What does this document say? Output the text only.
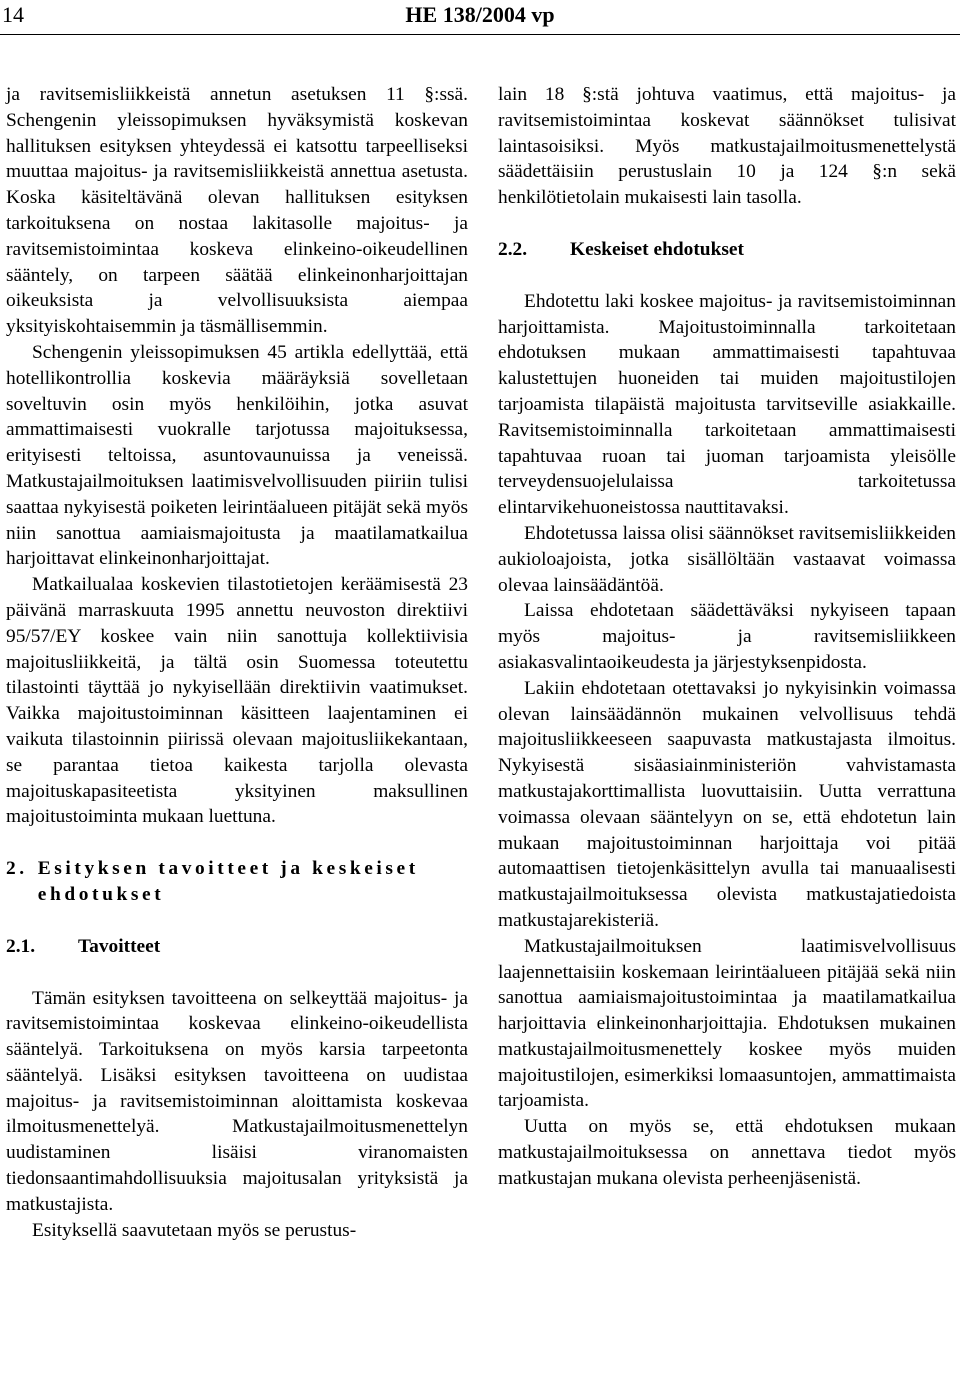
14	HE 138/2004 vp

ja ravitsemisliikkeistä annetun asetuksen 11 §:ssä. Schengenin yleissopimuksen hyväksymistä koskevan hallituksen esityksen yhteydessä ei katsottu tarpeelliseksi muuttaa majoitus- ja ravitsemisliikkeistä annettua asetusta. Koska käsiteltävänä olevan hallituksen esityksen tarkoituksena on nostaa lakitasolle majoitus- ja ravitsemistoimintaa koskeva elinkeino-oikeudellinen sääntely, on tarpeen säätää elinkeinonharjoittajan oikeuksista ja velvollisuuksista aiempaa yksityiskohtaisemmin ja täsmällisemmin.

Schengenin yleissopimuksen 45 artikla edellyttää, että hotellikontrollia koskevia määräyksiä sovelletaan soveltuvin osin myös henkilöihin, jotka asuvat ammattimaisesti vuokralle tarjotussa majoituksessa, erityisesti teltoissa, asuntovaunuissa ja veneissä. Matkustajailmoituksen laatimisvelvollisuuden piiriin tulisi saattaa nykyisestä poiketen leirintäalueen pitäjät sekä myös niin sanottua aamiaismajoitusta ja maatilamatkailua harjoittavat elinkeinonharjoittajat.

Matkailualaa koskevien tilastotietojen keräämisestä 23 päivänä marraskuuta 1995 annettu neuvoston direktiivi 95/57/EY koskee vain niin sanottuja kollektiivisia majoitusliikkeitä, ja tältä osin Suomessa toteutettu tilastointi täyttää jo nykyisellään direktiivin vaatimukset. Vaikka majoitustoiminnan käsitteen laajentaminen ei vaikuta tilastoinnin piirissä olevaan majoitusliikekantaan, se parantaa tietoa kaikesta tarjolla olevasta majoituskapasiteetista yksityinen maksullinen majoitustoiminta mukaan luettuna.

2. Esityksen tavoitteet ja keskeiset ehdotukset
2.1.	Tavoitteet

Tämän esityksen tavoitteena on selkeyttää majoitus- ja ravitsemistoimintaa koskevaa elinkeino-oikeudellista sääntelyä. Tarkoituksena on myös karsia tarpeetonta sääntelyä. Lisäksi esityksen tavoitteena on uudistaa majoitus- ja ravitsemistoiminnan aloittamista koskevaa ilmoitusmenettelyä. Matkustajailmoitusmenettelyn uudistaminen lisäisi viranomaisten tiedonsaantimahdollisuuksia majoitusalan yrityksistä ja matkustajista.

Esityksellä saavutetaan myös se perustus-

lain 18 §:stä johtuva vaatimus, että majoitus- ja ravitsemistoimintaa koskevat säännökset tulisivat laintasoisiksi. Myös matkustajailmoitusmenettelystä säädettäisiin perustuslain 10 ja 124 §:n sekä henkilötietolain mukaisesti lain tasolla.

2.2.	Keskeiset ehdotukset

Ehdotettu laki koskee majoitus- ja ravitsemistoiminnan harjoittamista. Majoitustoiminnalla tarkoitetaan ehdotuksen mukaan ammattimaisesti tapahtuvaa kalustettujen huoneiden tai muiden majoitustilojen tarjoamista tilapäistä majoitusta tarvitseville asiakkaille. Ravitsemistoiminnalla tarkoitetaan ammattimaisesti tapahtuvaa ruoan tai juoman tarjoamista yleisölle terveydensuojelulaissa tarkoitetussa elintarvikehuoneistossa nauttitavaksi.

Ehdotetussa laissa olisi säännökset ravitsemisliikkeiden aukioloajoista, jotka sisällöltään vastaavat voimassa olevaa lainsäädäntöä.

Laissa ehdotetaan säädettäväksi nykyiseen tapaan myös majoitus- ja ravitsemisliikkeen asiakasvalintaoikeudesta ja järjestyksenpidosta.

Lakiin ehdotetaan otettavaksi jo nykyisinkin voimassa olevan lainsäädännön mukainen velvollisuus tehdä majoitusliikkeeseen saapuvasta matkustajasta ilmoitus. Nykyisestä sisäasiainministeriön vahvistamasta matkustajakorttimallista luovuttaisiin. Uutta verrattuna voimassa olevaan sääntelyyn on se, että ehdotetun lain mukaan majoitustoiminnan harjoittaja voi pitää automaattisen tietojenkäsittelyn avulla tai manuaalisesti matkustajailmoituksessa olevista matkustajatiedoista matkustajarekisteriä.

Matkustajailmoituksen laatimisvelvollisuus laajennettaisiin koskemaan leirintäalueen pitäjää sekä niin sanottua aamiaismajoitustoimintaa ja maatilamatkailua harjoittavia elinkeinonharjoittajia. Ehdotuksen mukainen matkustajailmoitusmenettely koskee myös muiden majoitustilojen, esimerkiksi lomaasuntojen, ammattimaista tarjoamista.

Uutta on myös se, että ehdotuksen mukaan matkustajailmoituksessa on annettava tiedot myös matkustajan mukana olevista perheenjäsenistä.
